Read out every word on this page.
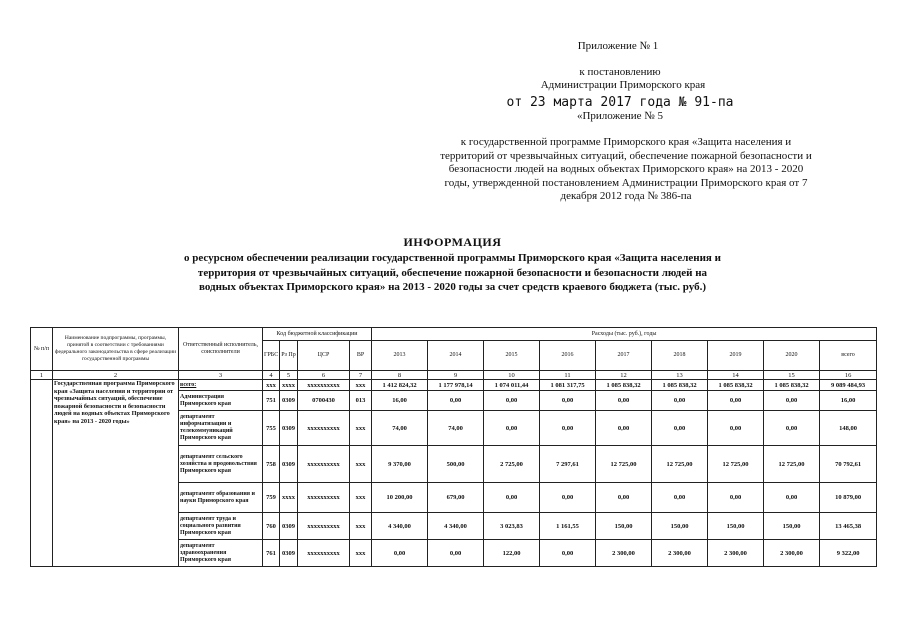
Приложение № 1
к постановлению
Администрации Приморского края
от 23 марта 2017 года № 91-па
«Приложение № 5
к государственной программе Приморского края «Защита населения и территорий от чрезвычайных ситуаций, обеспечение пожарной безопасности и безопасности людей на водных объектах Приморского края» на 2013 - 2020 годы, утвержденной постановлением Администрации Приморского края от 7 декабря 2012 года № 386-па
ИНФОРМАЦИЯ
о ресурсном обеспечении реализации государственной программы Приморского края «Защита населения и территория от чрезвычайных ситуаций, обеспечение пожарной безопасности и безопасности людей на водных объектах Приморского края» на 2013 - 2020 годы за счет средств краевого бюджета (тыс. руб.)
№ п/п	Наименование подпрограммы, программы, принятой в соответствии с требованиями федерального законодательства в сфере реализации государственной программы	Ответственный исполнитель, соисполнители	Код бюджетной классификации				Расходы (тыс. руб.), годы								
			ГРБС	Рз Пр	ЦСР	ВР	2013	2014	2015	2016	2017	2018	2019	2020	всего
1	2	3	4	5	6	7	8	9	10	11	12	13	14	15	16
	Государственная программа Приморского края «Защита населения и территории от чрезвычайных ситуаций, обеспечение пожарной безопасности и безопасности людей на водных объектах Приморского края» на 2013 - 2020 годы»	всего:	ххх	хххх	хххххххххх	ххх	1 412 824,32	1 177 978,14	1 074 011,44	1 081 317,75	1 085 838,32	1 085 838,32	1 085 838,32	1 085 838,32	9 089 484,93
		Администрация Приморского края	751	0309	0700430	013	16,00	0,00	0,00	0,00	0,00	0,00	0,00	0,00	16,00
		департамент информатизации и телекоммуникаций Приморского края	755	0309	хххххххххх	ххх	74,00	74,00	0,00	0,00	0,00	0,00	0,00	0,00	148,00
		департамент сельского хозяйства и продовольствия Приморского края	758	0309	хххххххххх	ххх	9 370,00	500,00	2 725,00	7 297,61	12 725,00	12 725,00	12 725,00	12 725,00	70 792,61
		департамент образования и науки Приморского края	759	хххх	хххххххххх	ххх	10 200,00	679,00	0,00	0,00	0,00	0,00	0,00	0,00	10 879,00
		департамент труда и социального развития Приморского края	760	0309	хххххххххх	ххх	4 340,00	4 340,00	3 023,83	1 161,55	150,00	150,00	150,00	150,00	13 465,38
		департамент здравоохранения Приморского края	761	0309	хххххххххх	ххх	0,00	0,00	122,00	0,00	2 300,00	2 300,00	2 300,00	2 300,00	9 322,00
